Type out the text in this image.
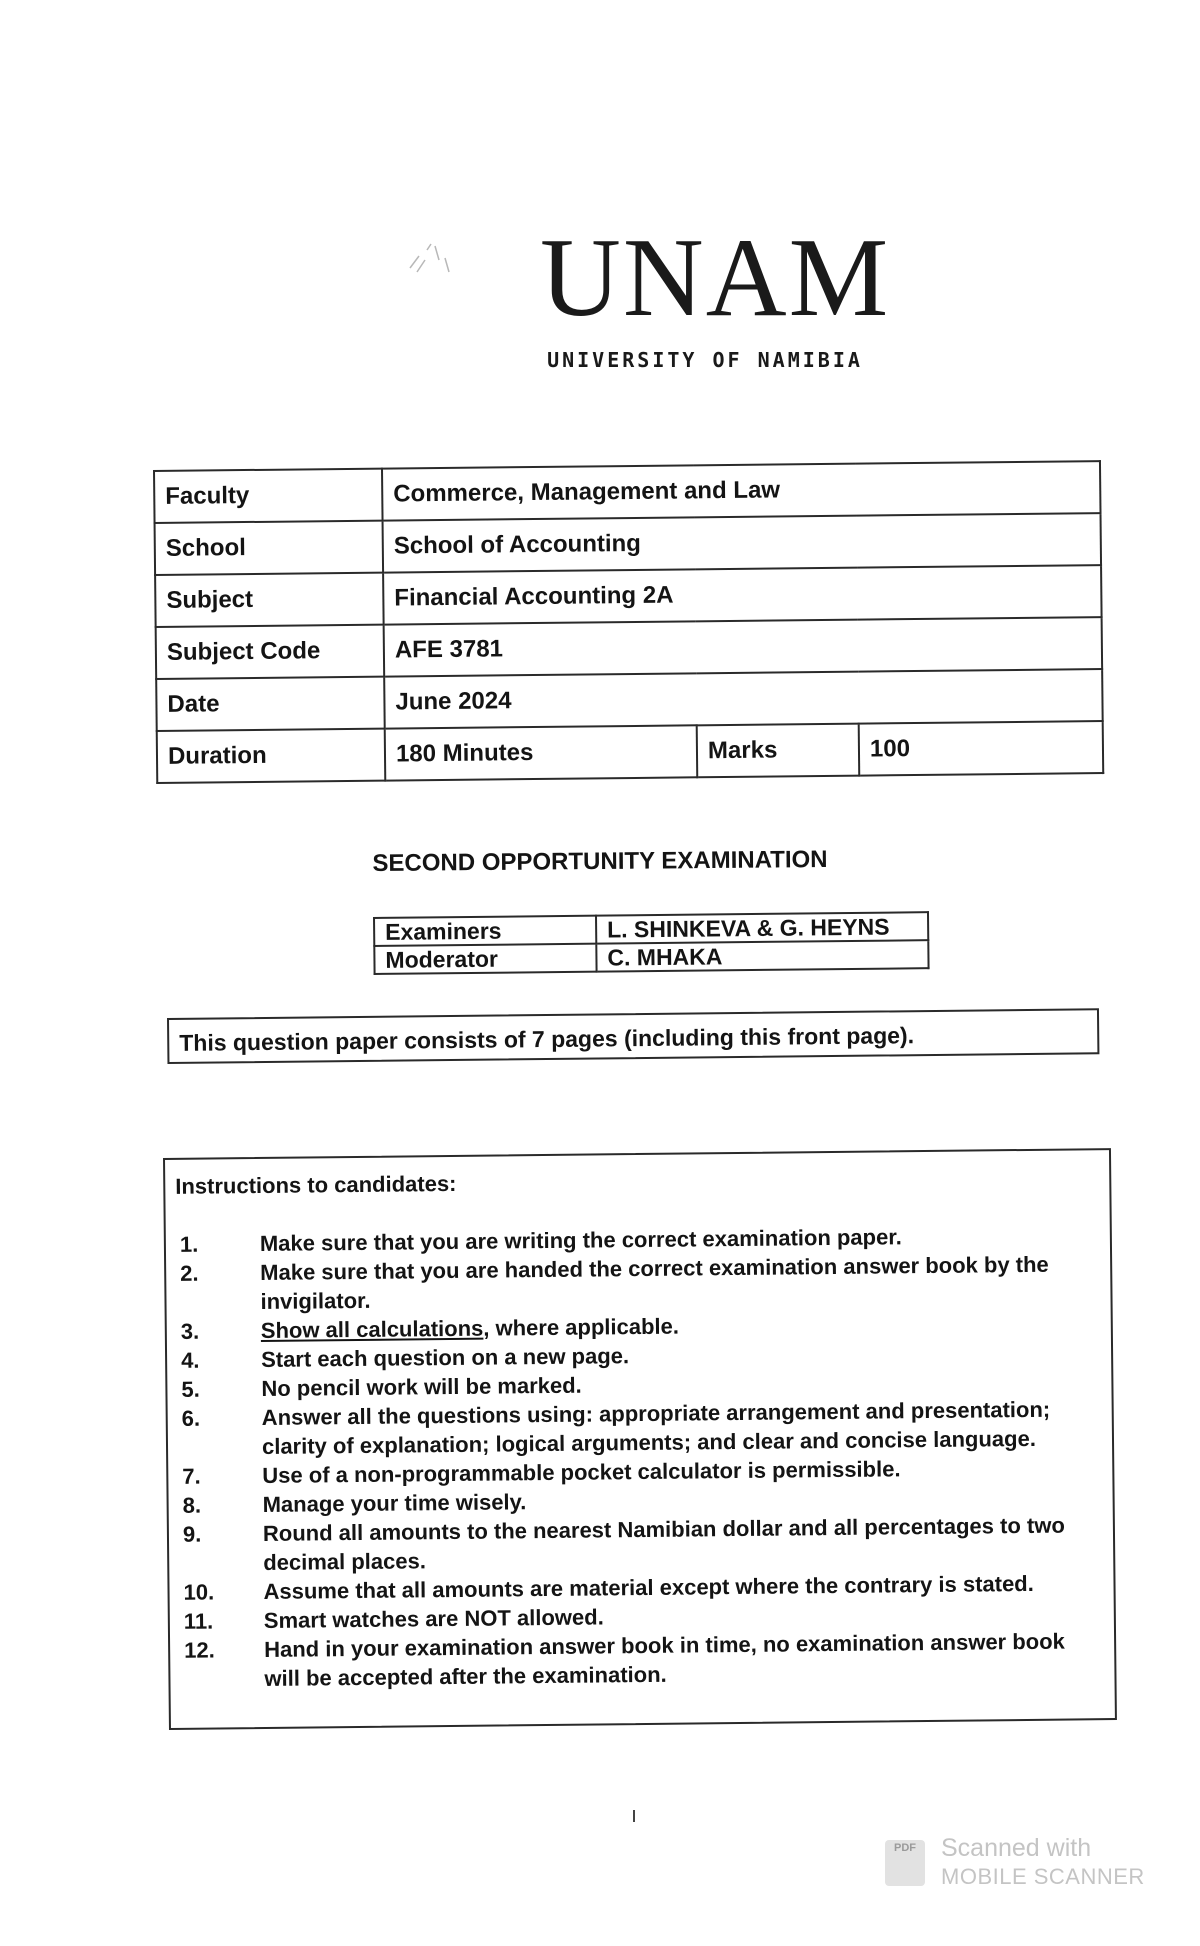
UNAM
UNIVERSITY OF NAMIBIA
Faculty	Commerce, Management and Law		
School	School of Accounting		
Subject	Financial Accounting 2A		
Subject Code	AFE 3781		
Date	June 2024		
Duration	180 Minutes	Marks	100
SECOND OPPORTUNITY EXAMINATION
Examiners	L. SHINKEVA & G. HEYNS
Moderator	C. MHAKA
This question paper consists of 7 pages (including this front page).
Instructions to candidates:
1.	Make sure that you are writing the correct examination paper.
2.	Make sure that you are handed the correct examination answer book by the invigilator.
3.	Show all calculations, where applicable.
4.	Start each question on a new page.
5.	No pencil work will be marked.
6.	Answer all the questions using: appropriate arrangement and presentation; clarity of explanation; logical arguments; and clear and concise language.
7.	Use of a non-programmable pocket calculator is permissible.
8.	Manage your time wisely.
9.	Round all amounts to the nearest Namibian dollar and all percentages to two decimal places.
10.	Assume that all amounts are material except where the contrary is stated.
11.	Smart watches are NOT allowed.
12.	Hand in your examination answer book in time, no examination answer book will be accepted after the examination.
PDF	Scanned with
MOBILE SCANNER
